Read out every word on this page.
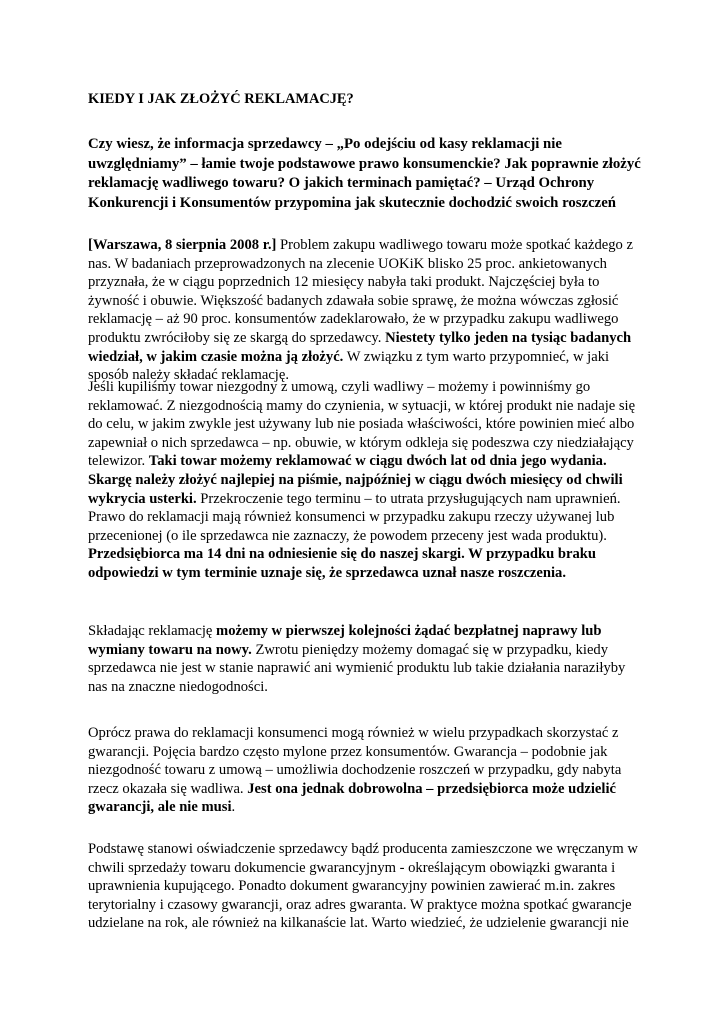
KIEDY I JAK ZŁOŻYĆ REKLAMACJĘ?

Czy wiesz, że informacja sprzedawcy – „Po odejściu od kasy reklamacji nie
uwzględniamy” – łamie twoje podstawowe prawo konsumenckie? Jak poprawnie złożyć
reklamację wadliwego towaru? O jakich terminach pamiętać? – Urząd Ochrony
Konkurencji i Konsumentów przypomina jak skutecznie dochodzić swoich roszczeń

[Warszawa, 8 sierpnia 2008 r.] Problem zakupu wadliwego towaru może spotkać każdego z
nas. W badaniach przeprowadzonych na zlecenie UOKiK blisko 25 proc. ankietowanych
przyznała, że w ciągu poprzednich 12 miesięcy nabyła taki produkt. Najczęściej była to
żywność i obuwie. Większość badanych zdawała sobie sprawę, że można wówczas zgłosić
reklamację – aż 90 proc. konsumentów zadeklarowało, że w przypadku zakupu wadliwego
produktu zwróciłoby się ze skargą do sprzedawcy. Niestety tylko jeden na tysiąc badanych
wiedział, w jakim czasie można ją złożyć. W związku z tym warto przypomnieć, w jaki
sposób należy składać reklamację.

Jeśli kupiliśmy towar niezgodny z umową, czyli wadliwy – możemy i powinniśmy go
reklamować. Z niezgodnością mamy do czynienia, w sytuacji, w której produkt nie nadaje się
do celu, w jakim zwykle jest używany lub nie posiada właściwości, które powinien mieć albo
zapewniał o nich sprzedawca – np. obuwie, w którym odkleja się podeszwa czy niedziałający
telewizor. Taki towar możemy reklamować w ciągu dwóch lat od dnia jego wydania.
Skargę należy złożyć najlepiej na piśmie, najpóźniej w ciągu dwóch miesięcy od chwili
wykrycia usterki. Przekroczenie tego terminu – to utrata przysługujących nam uprawnień.
Prawo do reklamacji mają również konsumenci w przypadku zakupu rzeczy używanej lub
przecenionej (o ile sprzedawca nie zaznaczy, że powodem przeceny jest wada produktu).
Przedsiębiorca ma 14 dni na odniesienie się do naszej skargi. W przypadku braku
odpowiedzi w tym terminie uznaje się, że sprzedawca uznał nasze roszczenia.

Składając reklamację możemy w pierwszej kolejności żądać bezpłatnej naprawy lub
wymiany towaru na nowy. Zwrotu pieniędzy możemy domagać się w przypadku, kiedy
sprzedawca nie jest w stanie naprawić ani wymienić produktu lub takie działania naraziłyby
nas na znaczne niedogodności.

Oprócz prawa do reklamacji konsumenci mogą również w wielu przypadkach skorzystać z
gwarancji. Pojęcia bardzo często mylone przez konsumentów. Gwarancja – podobnie jak
niezgodność towaru z umową – umożliwia dochodzenie roszczeń w przypadku, gdy nabyta
rzecz okazała się wadliwa. Jest ona jednak dobrowolna – przedsiębiorca może udzielić
gwarancji, ale nie musi.

Podstawę stanowi oświadczenie sprzedawcy bądź producenta zamieszczone we wręczanym w
chwili sprzedaży towaru dokumencie gwarancyjnym - określającym obowiązki gwaranta i
uprawnienia kupującego. Ponadto dokument gwarancyjny powinien zawierać m.in. zakres
terytorialny i czasowy gwarancji, oraz adres gwaranta. W praktyce można spotkać gwarancje
udzielane na rok, ale również na kilkanaście lat. Warto wiedzieć, że udzielenie gwarancji nie
